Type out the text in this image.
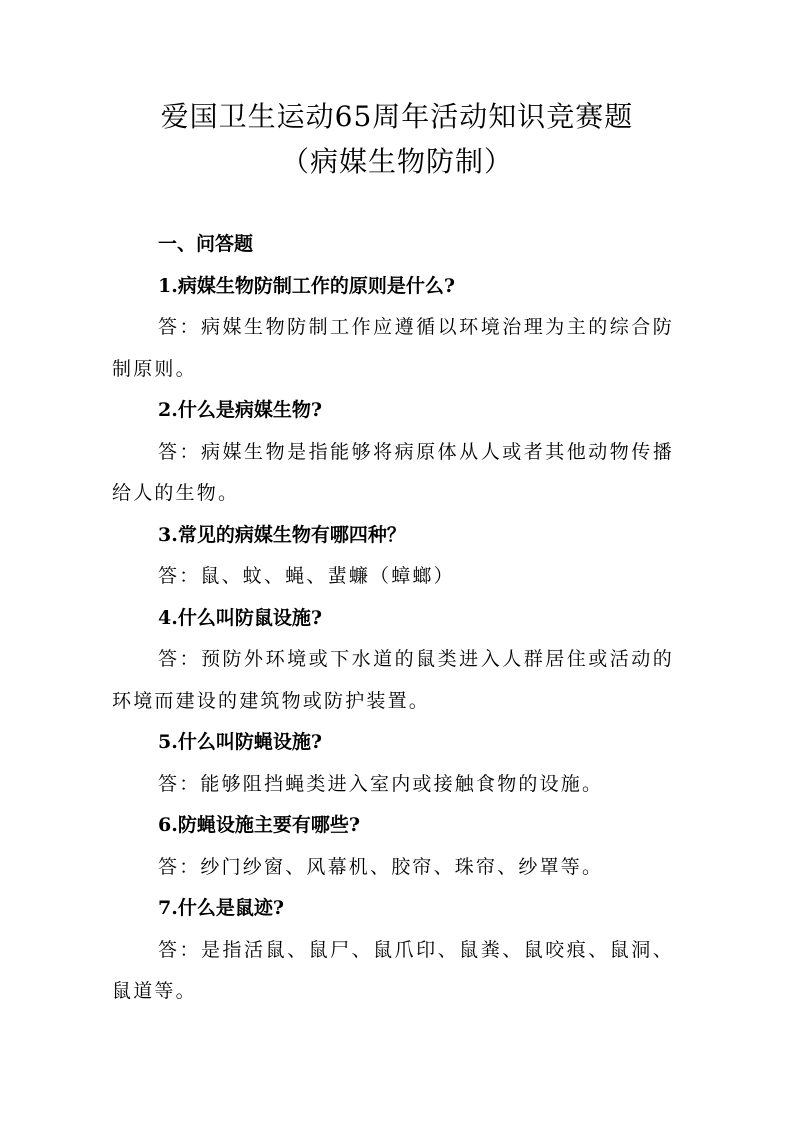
爱国卫生运动65周年活动知识竞赛题
（病媒生物防制）
一、问答题
1.病媒生物防制工作的原则是什么?
答：病媒生物防制工作应遵循以环境治理为主的综合防制原则。
2.什么是病媒生物?
答：病媒生物是指能够将病原体从人或者其他动物传播给人的生物。
3.常见的病媒生物有哪四种？
答：鼠、蚊、蝇、蜚蠊（蟑螂）
4.什么叫防鼠设施?
答：预防外环境或下水道的鼠类进入人群居住或活动的环境而建设的建筑物或防护装置。
5.什么叫防蝇设施?
答：能够阻挡蝇类进入室内或接触食物的设施。
6.防蝇设施主要有哪些?
答：纱门纱窗、风幕机、胶帘、珠帘、纱罩等。
7.什么是鼠迹?
答：是指活鼠、鼠尸、鼠爪印、鼠粪、鼠咬痕、鼠洞、鼠道等。
